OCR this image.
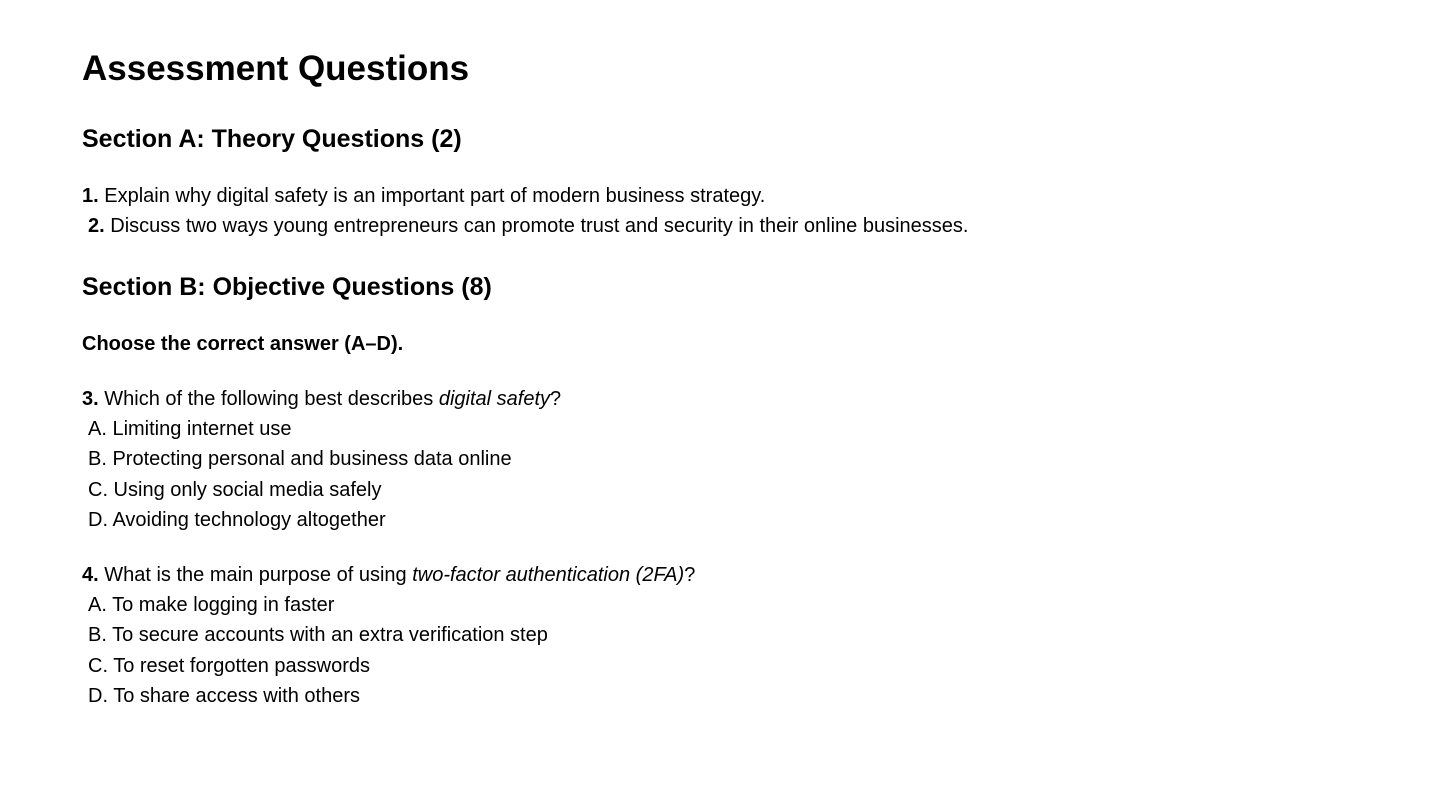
Assessment Questions
Section A: Theory Questions (2)
1. Explain why digital safety is an important part of modern business strategy.
2. Discuss two ways young entrepreneurs can promote trust and security in their online businesses.
Section B: Objective Questions (8)

Choose the correct answer (A–D).

3. Which of the following best describes digital safety?
A. Limiting internet use
B. Protecting personal and business data online
C. Using only social media safely
D. Avoiding technology altogether
4. What is the main purpose of using two-factor authentication (2FA)?
A. To make logging in faster
B. To secure accounts with an extra verification step
C. To reset forgotten passwords
D. To share access with others
